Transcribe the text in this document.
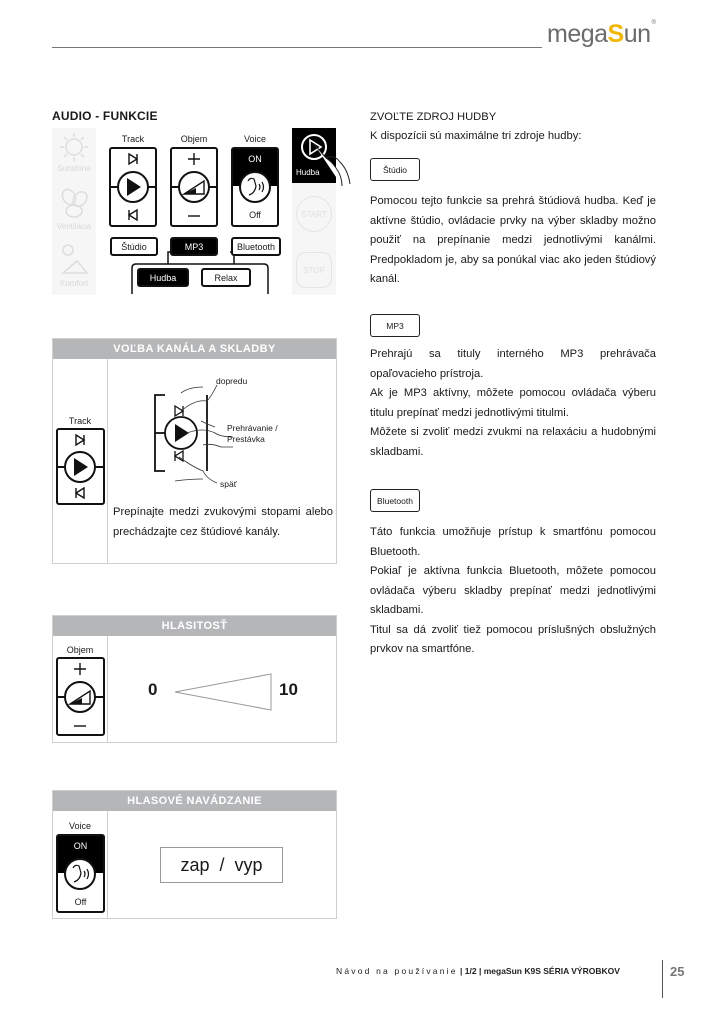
megaSun®
AUDIO - FUNKCIE
Sunshine
Ventilácia
Komfort
Hudba
START
STOP
Track	Objem	Voice
ON
Off
Štúdio	MP3	Bluetooth
Hudba	Relax
ZVOĽTE ZDROJ HUDBY
K dispozícii sú maximálne tri zdroje hudby:
Štúdio

Pomocou tejto funkcie sa prehrá štúdiová hudba. Keď je aktívne štúdio, ovládacie prvky na výber skladby možno použiť na prepínanie medzi jednotlivými kanálmi. Predpokladom je, aby sa ponúkal viac ako jeden štúdiový kanál.

MP3

Prehrajú sa tituly interného MP3 prehrávača opaľovacieho prístroja.

Ak je MP3 aktívny, môžete pomocou ovládača výberu titulu prepínať medzi jednotlivými titulmi.

Môžete si zvoliť medzi zvukmi na relaxáciu a hudobnými skladbami.

Bluetooth

Táto funkcia umožňuje prístup k smartfónu pomocou Bluetooth.

Pokiaľ je aktívna funkcia Bluetooth, môžete pomocou ovládača výberu skladby prepínať medzi jednotlivými skladbami.

Titul sa dá zvoliť tiež pomocou príslušných obslužných prvkov na smartfóne.

VOĽBA KANÁLA A SKLADBY
Track
dopredu
Prehrávanie /
Prestávka
späť
Prepínajte medzi zvukovými stopami alebo prechádzajte cez štúdiové kanály.
HLASITOSŤ
Objem
0	10
HLASOVÉ NAVÁDZANIE
Voice
ON
Off
zap  /  vyp
Návod na používanie | 1/2 | megaSun K9S SÉRIA VÝROBKOV	25
